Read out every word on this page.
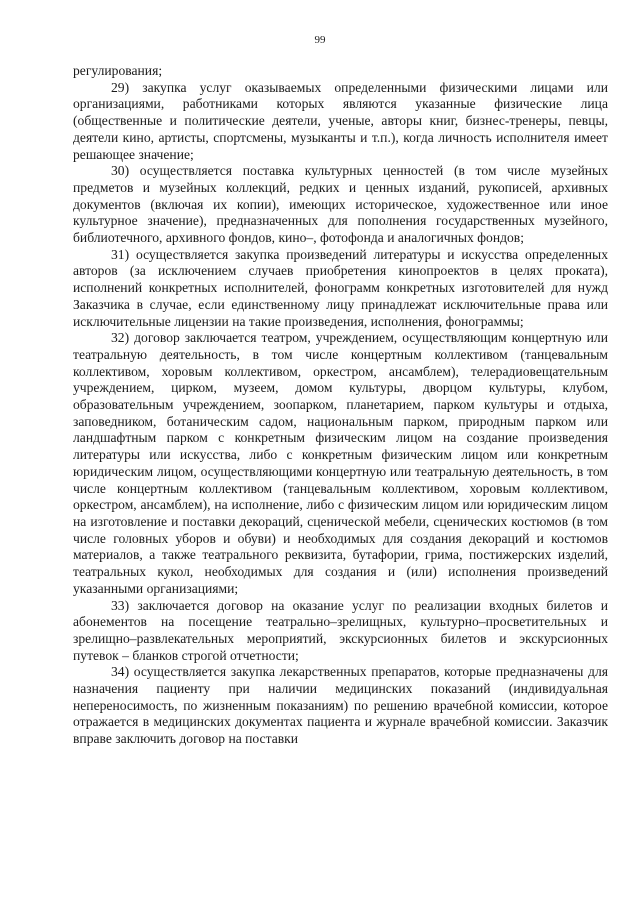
99

регулирования;

29) закупка услуг оказываемых определенными физическими лицами или организациями, работниками которых являются указанные физические лица (общественные и политические деятели, ученые, авторы книг, бизнес-тренеры, певцы, деятели кино, артисты, спортсмены, музыканты и т.п.), когда личность исполнителя имеет решающее значение;

30) осуществляется поставка культурных ценностей (в том числе музейных предметов и музейных коллекций, редких и ценных изданий, рукописей, архивных документов (включая их копии), имеющих историческое, художественное или иное культурное значение), предназначенных для пополнения государственных музейного, библиотечного, архивного фондов, кино–, фотофонда и аналогичных фондов;

31) осуществляется закупка произведений литературы и искусства определенных авторов (за исключением случаев приобретения кинопроектов в целях проката), исполнений конкретных исполнителей, фонограмм конкретных изготовителей для нужд Заказчика в случае, если единственному лицу принадлежат исключительные права или исключительные лицензии на такие произведения, исполнения, фонограммы;

32) договор заключается театром, учреждением, осуществляющим концертную или театральную деятельность, в том числе концертным коллективом (танцевальным коллективом, хоровым коллективом, оркестром, ансамблем), телерадиовещательным учреждением, цирком, музеем, домом культуры, дворцом культуры, клубом, образовательным учреждением, зоопарком, планетарием, парком культуры и отдыха, заповедником, ботаническим садом, национальным парком, природным парком или ландшафтным парком с конкретным физическим лицом на создание произведения литературы или искусства, либо с конкретным физическим лицом или конкретным юридическим лицом, осуществляющими концертную или театральную деятельность, в том числе концертным коллективом (танцевальным коллективом, хоровым коллективом, оркестром, ансамблем), на исполнение, либо с физическим лицом или юридическим лицом на изготовление и поставки декораций, сценической мебели, сценических костюмов (в том числе головных уборов и обуви) и необходимых для создания декораций и костюмов материалов, а также театрального реквизита, бутафории, грима, постижерских изделий, театральных кукол, необходимых для создания и (или) исполнения произведений указанными организациями;

33) заключается договор на оказание услуг по реализации входных билетов и абонементов на посещение театрально–зрелищных, культурно–просветительных и зрелищно–развлекательных мероприятий, экскурсионных билетов и экскурсионных путевок – бланков строгой отчетности;

34) осуществляется закупка лекарственных препаратов, которые предназначены для назначения пациенту при наличии медицинских показаний (индивидуальная непереносимость, по жизненным показаниям) по решению врачебной комиссии, которое отражается в медицинских документах пациента и журнале врачебной комиссии. Заказчик вправе заключить договор на поставки
